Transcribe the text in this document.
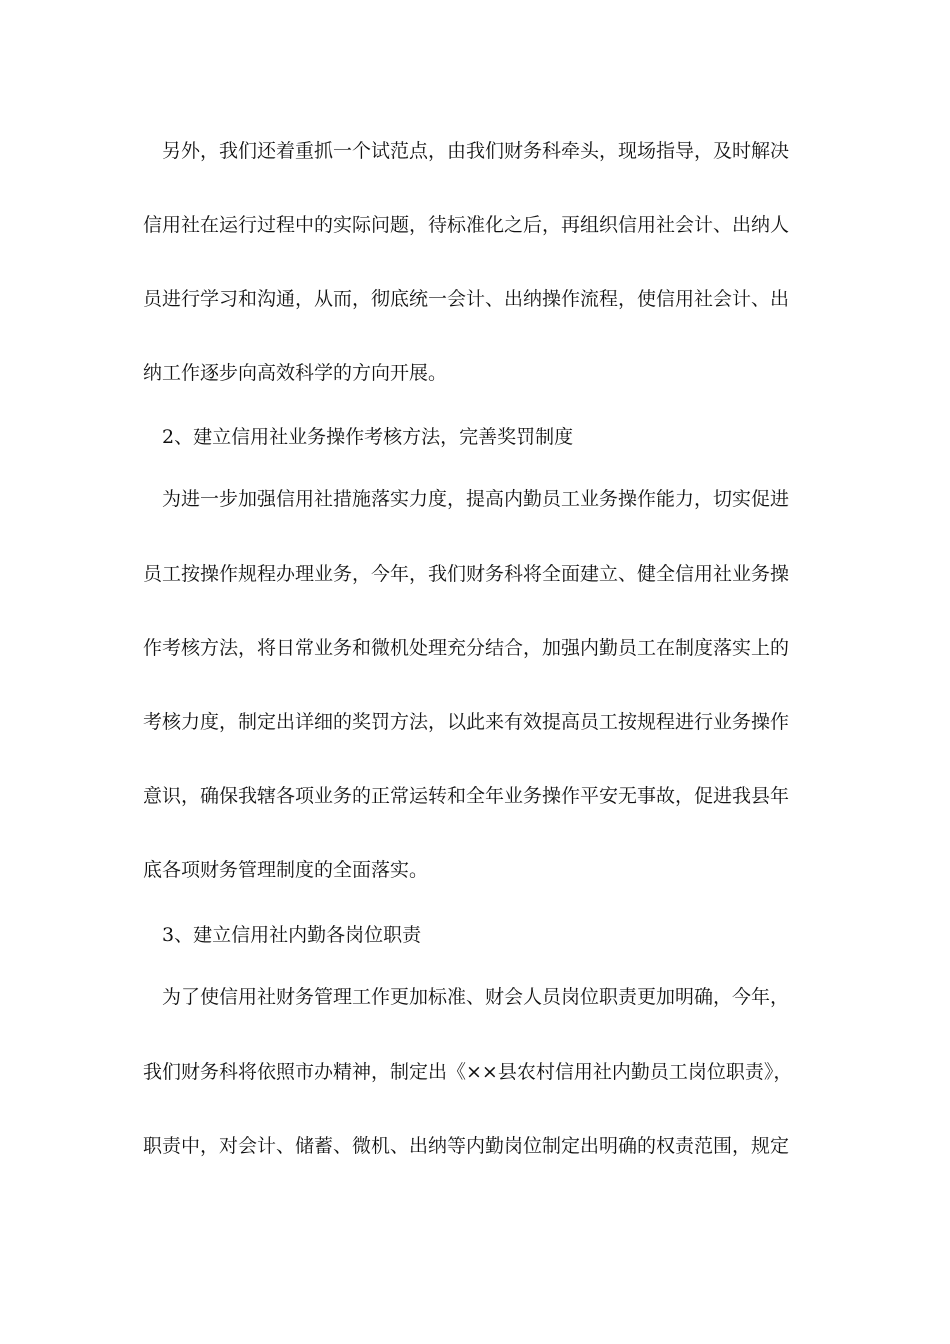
另外，我们还着重抓一个试范点，由我们财务科牵头，现场指导，及时解决
信用社在运行过程中的实际问题，待标准化之后，再组织信用社会计、出纳人
员进行学习和沟通，从而，彻底统一会计、出纳操作流程，使信用社会计、出
纳工作逐步向高效科学的方向开展。
2、建立信用社业务操作考核方法，完善奖罚制度
为进一步加强信用社措施落实力度，提高内勤员工业务操作能力，切实促进
员工按操作规程办理业务，今年，我们财务科将全面建立、健全信用社业务操
作考核方法，将日常业务和微机处理充分结合，加强内勤员工在制度落实上的
考核力度，制定出详细的奖罚方法，以此来有效提高员工按规程进行业务操作
意识，确保我辖各项业务的正常运转和全年业务操作平安无事故，促进我县年
底各项财务管理制度的全面落实。
3、建立信用社内勤各岗位职责
为了使信用社财务管理工作更加标准、财会人员岗位职责更加明确，今年，
我们财务科将依照市办精神，制定出《××县农村信用社内勤员工岗位职责》，
职责中，对会计、储蓄、微机、出纳等内勤岗位制定出明确的权责范围，规定
